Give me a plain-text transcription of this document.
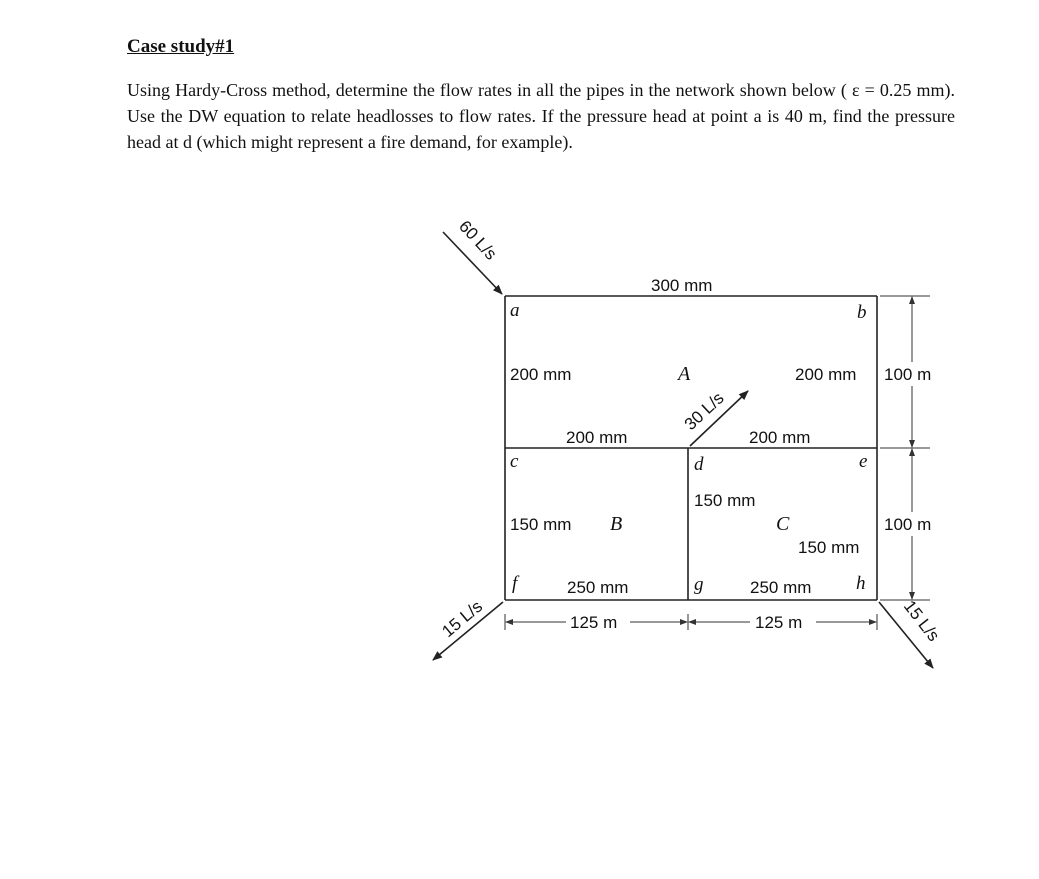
Case study#1

Using Hardy-Cross method, determine the flow rates in all the pipes in the network shown below ( ε = 0.25 mm). Use the DW equation to relate headlosses to flow rates. If the pressure head at point a is 40 m, find the pressure head at d (which might represent a fire demand, for example).

60 L/s
30 L/s
15 L/s	15 L/s
a	b
c	d	e
f	g	h
A
B	C
300 mm
200 mm	200 mm
200 mm	200 mm
150 mm
150 mm
150 mm
250 mm	250 mm
125 m	125 m
100 m
100 m
